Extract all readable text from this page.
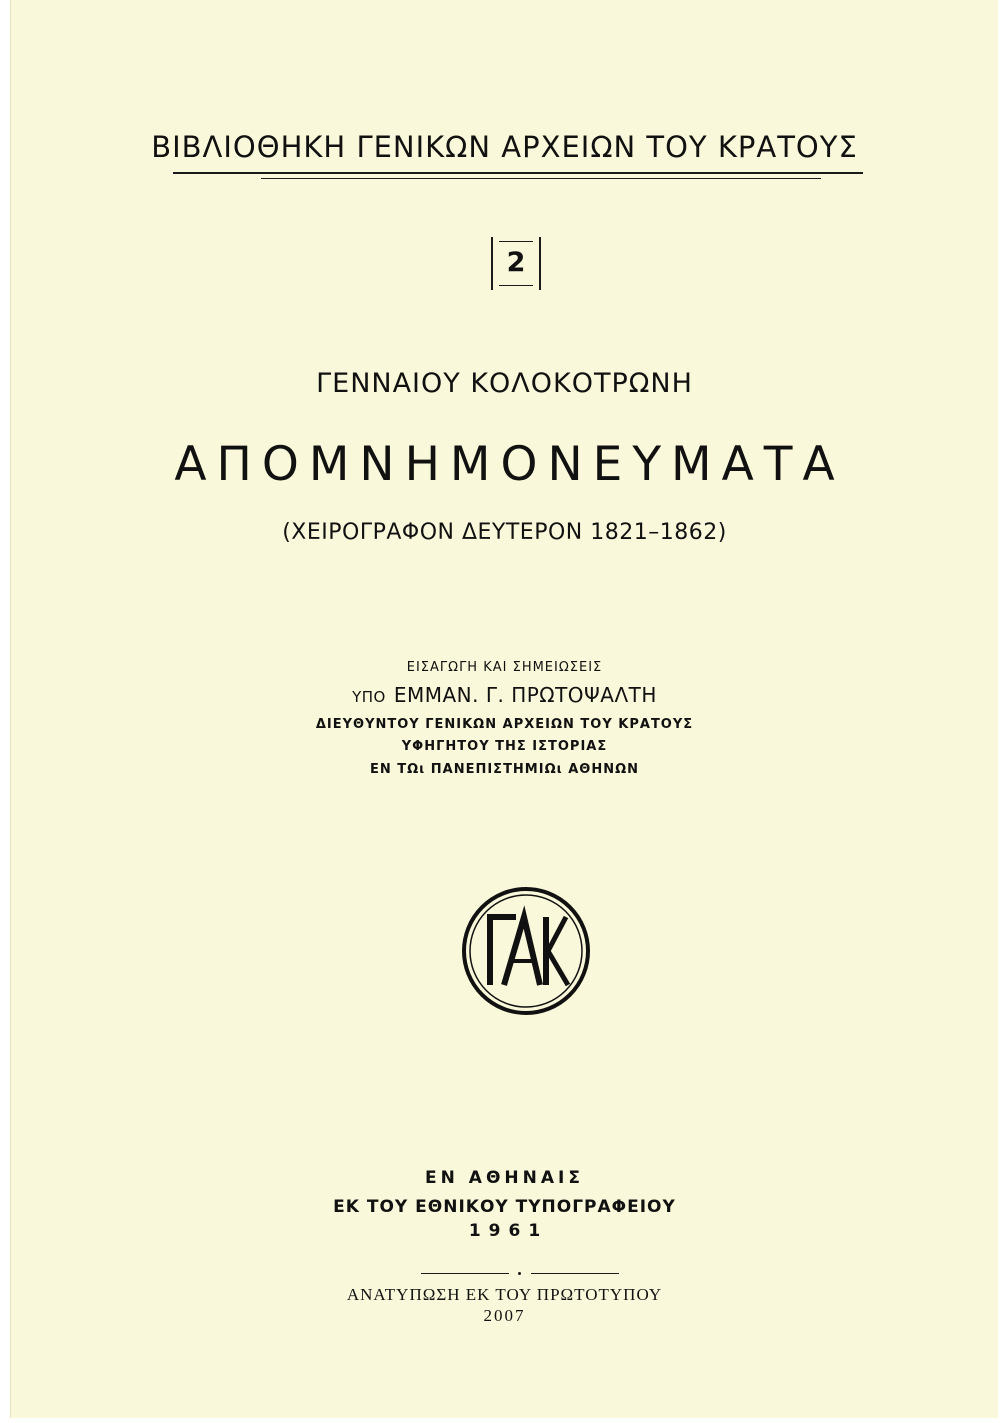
ΒΙΒΛΙΟΘΗΚΗ ΓΕΝΙΚΩΝ ΑΡΧΕΙΩΝ ΤΟΥ ΚΡΑΤΟΥΣ
2
ΓΕΝΝΑΙΟΥ ΚΟΛΟΚΟΤΡΩΝΗ
ΑΠΟΜΝΗΜΟΝΕΥΜΑΤΑ
(ΧΕΙΡΟΓΡΑΦΟΝ ΔΕΥΤΕΡΟΝ 1821–1862)
ΕΙΣΑΓΩΓΗ ΚΑΙ ΣΗΜΕΙΩΣΕΙΣ
ΥΠΟ ΕΜΜΑΝ. Γ. ΠΡΩΤΟΨΑΛΤΗ
ΔΙΕΥΘΥΝΤΟΥ ΓΕΝΙΚΩΝ ΑΡΧΕΙΩΝ ΤΟΥ ΚΡΑΤΟΥΣ
ΥΦΗΓΗΤΟΥ ΤΗΣ ΙΣΤΟΡΙΑΣ
ΕΝ ΤΩι ΠΑΝΕΠΙΣΤΗΜΙΩι ΑΘΗΝΩΝ
ΕΝ ΑΘΗΝΑΙΣ
ΕΚ ΤΟΥ ΕΘΝΙΚΟΥ ΤΥΠΟΓΡΑΦΕΙΟΥ
1961
ΑΝΑΤΥΠΩΣΗ ΕΚ ΤΟΥ ΠΡΩΤΟΤΥΠΟΥ
2007
